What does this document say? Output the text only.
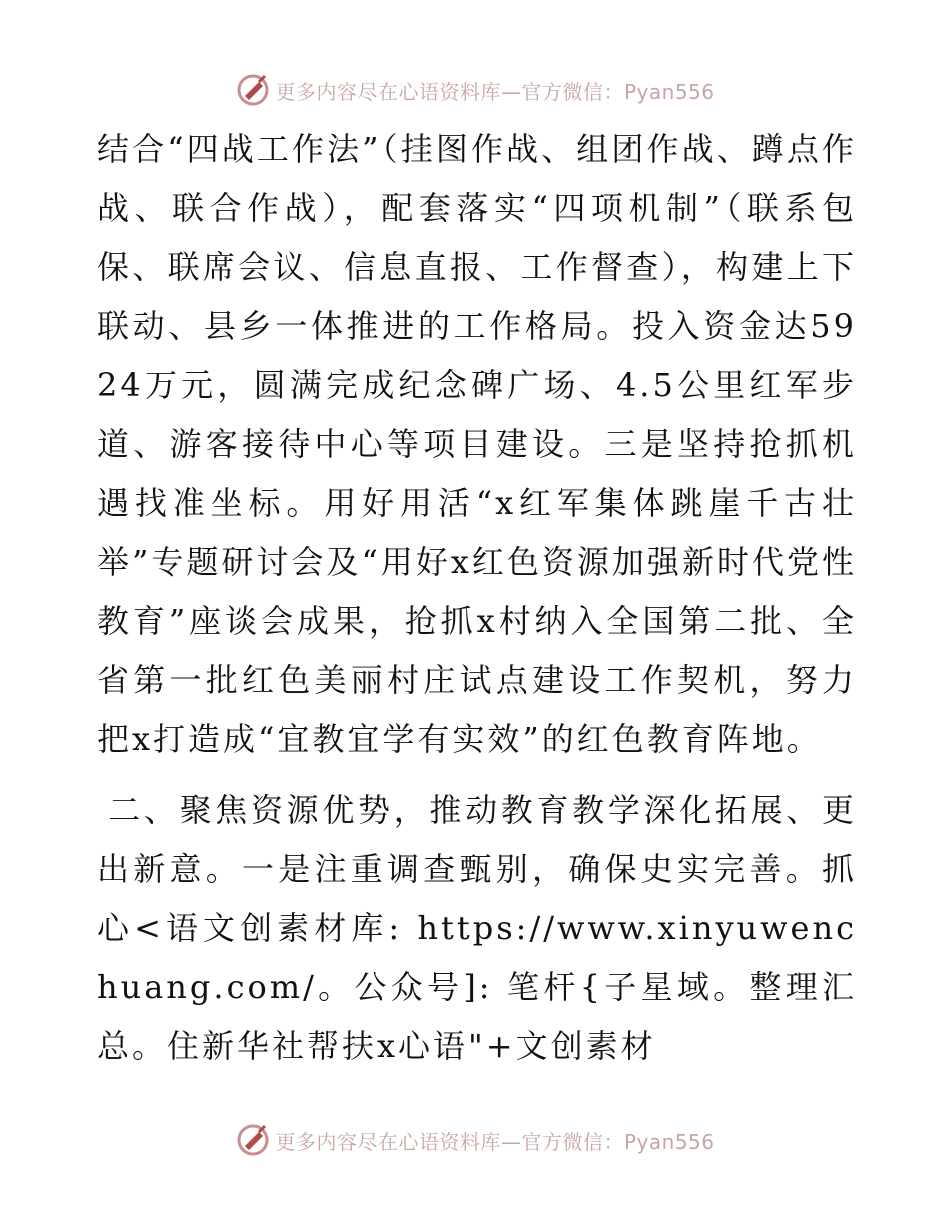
更多内容尽在心语资料库—官方微信：Pyan556

结合“四战工作法”（挂图作战、组团作战、蹲点作战、联合作战），配套落实“四项机制”（联系包保、联席会议、信息直报、工作督查），构建上下联动、县乡一体推进的工作格局。投入资金达5924万元，圆满完成纪念碑广场、4.5公里红军步道、游客接待中心等项目建设。三是坚持抢抓机遇找准坐标。用好用活“x红军集体跳崖千古壮举”专题研讨会及“用好x红色资源加强新时代党性教育”座谈会成果，抢抓x村纳入全国第二批、全省第一批红色美丽村庄试点建设工作契机，努力把x打造成“宜教宜学有实效”的红色教育阵地。

二、聚焦资源优势，推动教育教学深化拓展、更出新意。一是注重调查甄别，确保史实完善。抓心<语文创素材库: https://www.xinyuwenchuang.com/。公众号]: 笔杆{子星域。整理汇总。住新华社帮扶x心语"+文创素材

更多内容尽在心语资料库—官方微信：Pyan556
